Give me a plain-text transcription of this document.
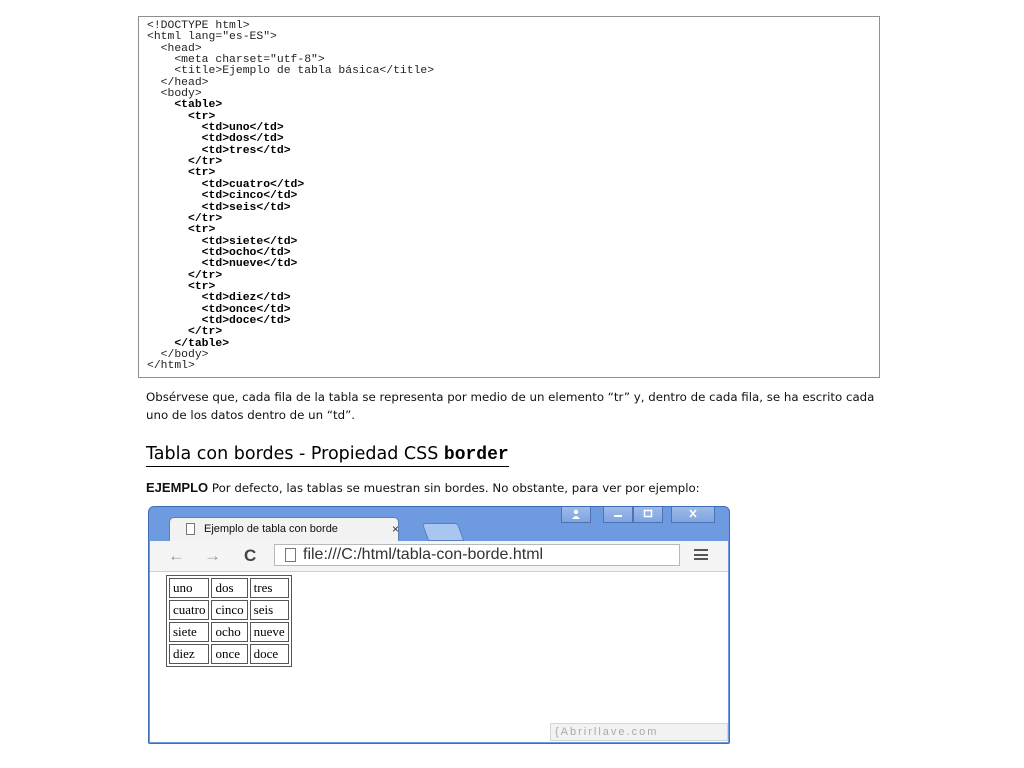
<!DOCTYPE html>
<html lang="es-ES">
<head>
<meta charset="utf-8">
<title>Ejemplo de tabla básica</title>
</head>
<body>
<table>
<tr>
<td>uno</td>
<td>dos</td>
<td>tres</td>
</tr>
<tr>
<td>cuatro</td>
<td>cinco</td>
<td>seis</td>
</tr>
<tr>
<td>siete</td>
<td>ocho</td>
<td>nueve</td>
</tr>
<tr>
<td>diez</td>
<td>once</td>
<td>doce</td>
</tr>
</table>
</body>
</html>
Obsérvese que, cada fila de la tabla se representa por medio de un elemento “tr” y, dentro de cada fila, se ha escrito cada uno de los datos dentro de un “td”.
Tabla con bordes - Propiedad CSS border
EJEMPLO Por defecto, las tablas se muestran sin bordes. No obstante, para ver por ejemplo:
Ejemplo de tabla con borde	×
← → C	file:///C:/html/tabla-con-borde.html
uno	dos	tres
cuatro	cinco	seis
siete	ocho	nueve
diez	once	doce
{Abrirllave.com
